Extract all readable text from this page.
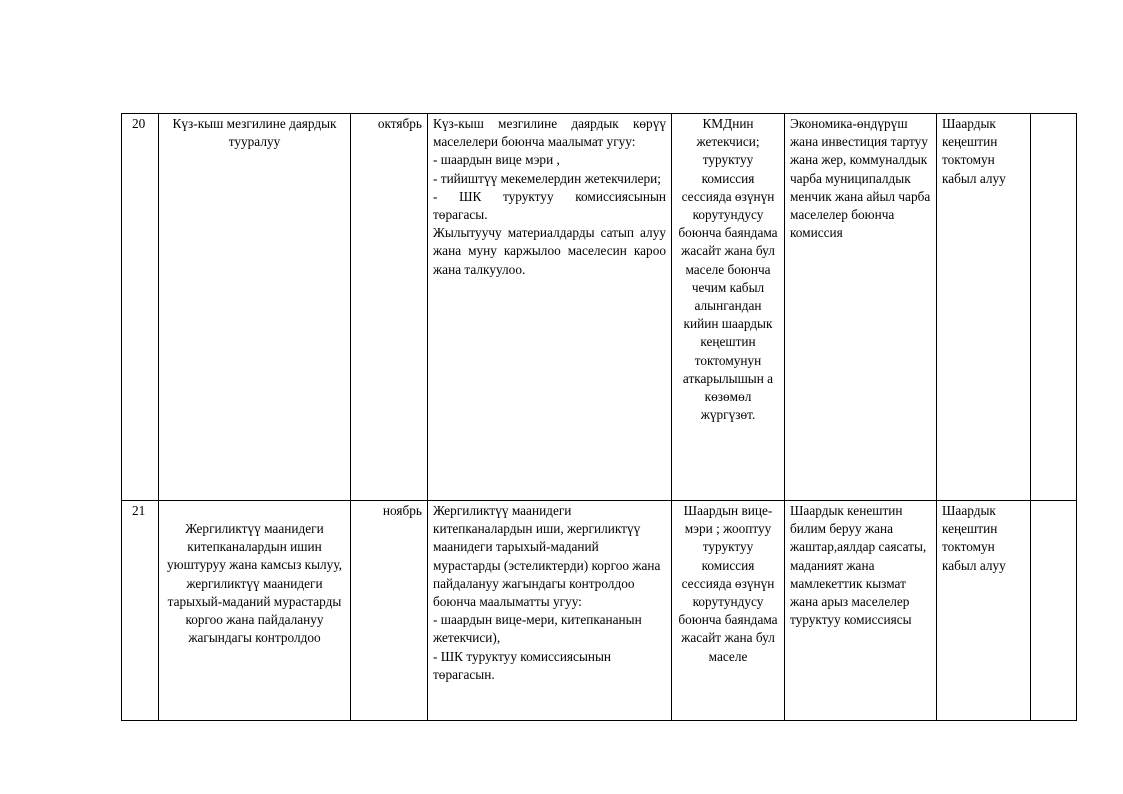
20	Күз-кыш мезгилине даярдык тууралуу	октябрь	Күз-кыш мезгилине даярдык көрүү маселелери боюнча маалымат угуу:
- шаардын вице мэри ,
- тийиштүү мекемелердин жетекчилери;
- ШК туруктуу комиссиясынын төрагасы.
Жылытуучу материалдарды сатып алуу жана муну каржылоо маселесин кароо жана талкуулоо.	КМДнин жетекчиси; туруктуу комиссия сессияда өзүнүн корутундусу боюнча баяндама жасайт жана бул маселе боюнча чечим кабыл алынгандан кийин шаардык кеңештин токтомунун аткарылышын а көзөмөл жүргүзөт.	Экономика-өндүрүш жана инвестиция тартуу жана жер, коммуналдык чарба муниципалдык менчик жана айыл чарба маселелер боюнча комиссия	Шаардык кеңештин токтомун кабыл алуу	
21	Жергиликтүү маанидеги китепканалардын ишин уюштуруу жана камсыз кылуу, жергиликтүү маанидеги тарыхый-маданий мурастарды коргоо жана пайдалануу жагындагы контролдоо	ноябрь	Жергиликтүү маанидеги китепканалардын иши, жергиликтүү маанидеги тарыхый-маданий мурастарды (эстеликтерди) коргоо жана пайдалануу жагындагы контролдоо боюнча маалыматты угуу:
- шаардын вице-мери, китепкананын жетекчиси),
- ШК туруктуу комиссиясынын төрагасын.	Шаардын вице-мэри ; жооптуу туруктуу комиссия сессияда өзүнүн корутундусу боюнча баяндама жасайт жана бул маселе	Шаардык кенештин билим беруу жана жаштар,аялдар саясаты, маданият жана мамлекеттик кызмат жана арыз маселелер туруктуу комиссиясы	Шаардык кеңештин токтомун кабыл алуу	
